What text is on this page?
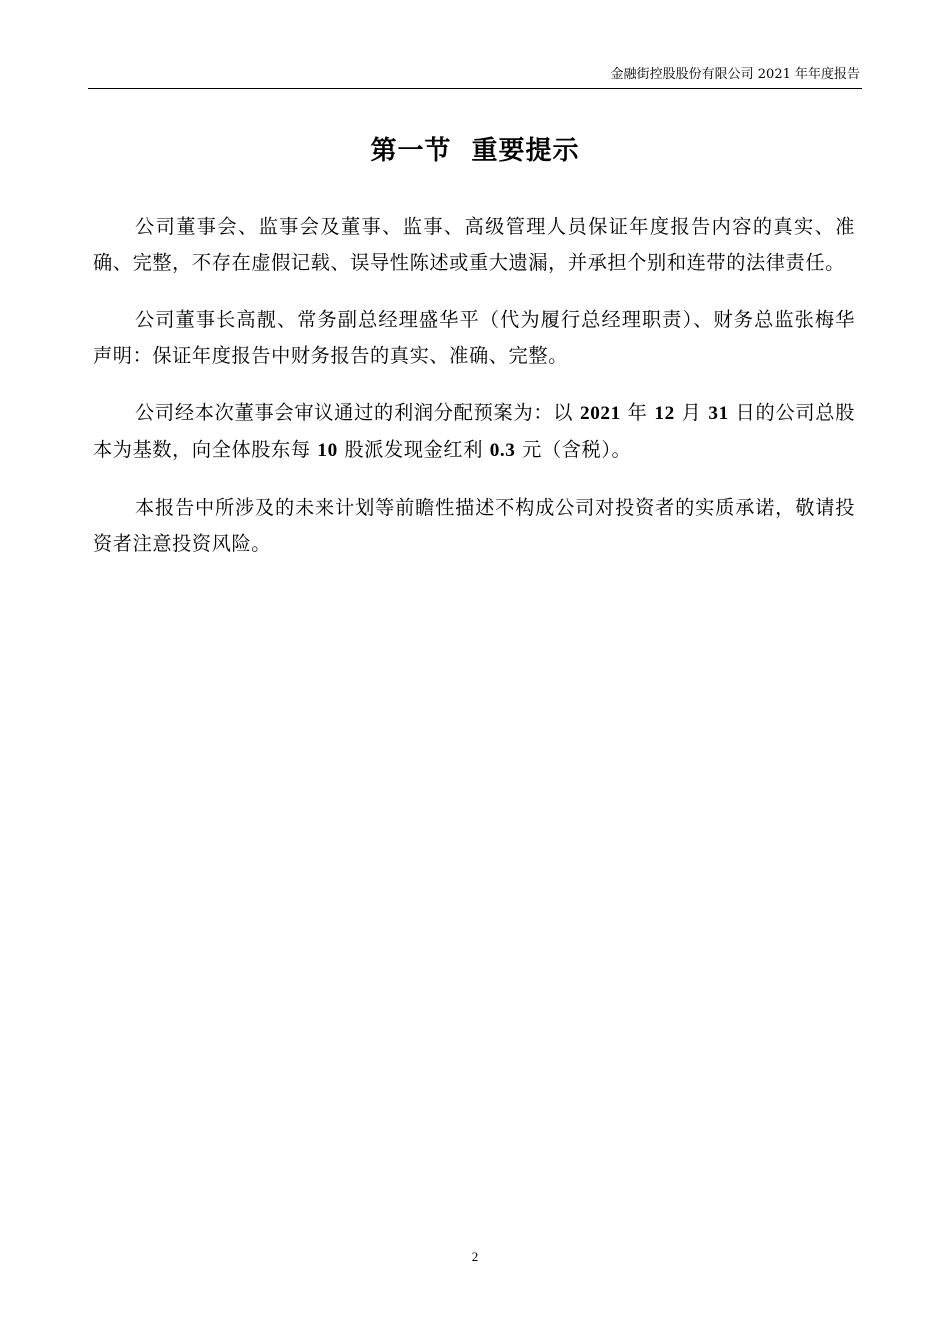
金融街控股股份有限公司 2021 年年度报告
第一节 重要提示

公司董事会、监事会及董事、监事、高级管理人员保证年度报告内容的真实、准确、完整，不存在虚假记载、误导性陈述或重大遗漏，并承担个别和连带的法律责任。

公司董事长高靓、常务副总经理盛华平（代为履行总经理职责）、财务总监张梅华声明：保证年度报告中财务报告的真实、准确、完整。

公司经本次董事会审议通过的利润分配预案为：以 2021 年 12 月 31 日的公司总股本为基数，向全体股东每 10 股派发现金红利 0.3 元（含税）。

本报告中所涉及的未来计划等前瞻性描述不构成公司对投资者的实质承诺，敬请投资者注意投资风险。

2
